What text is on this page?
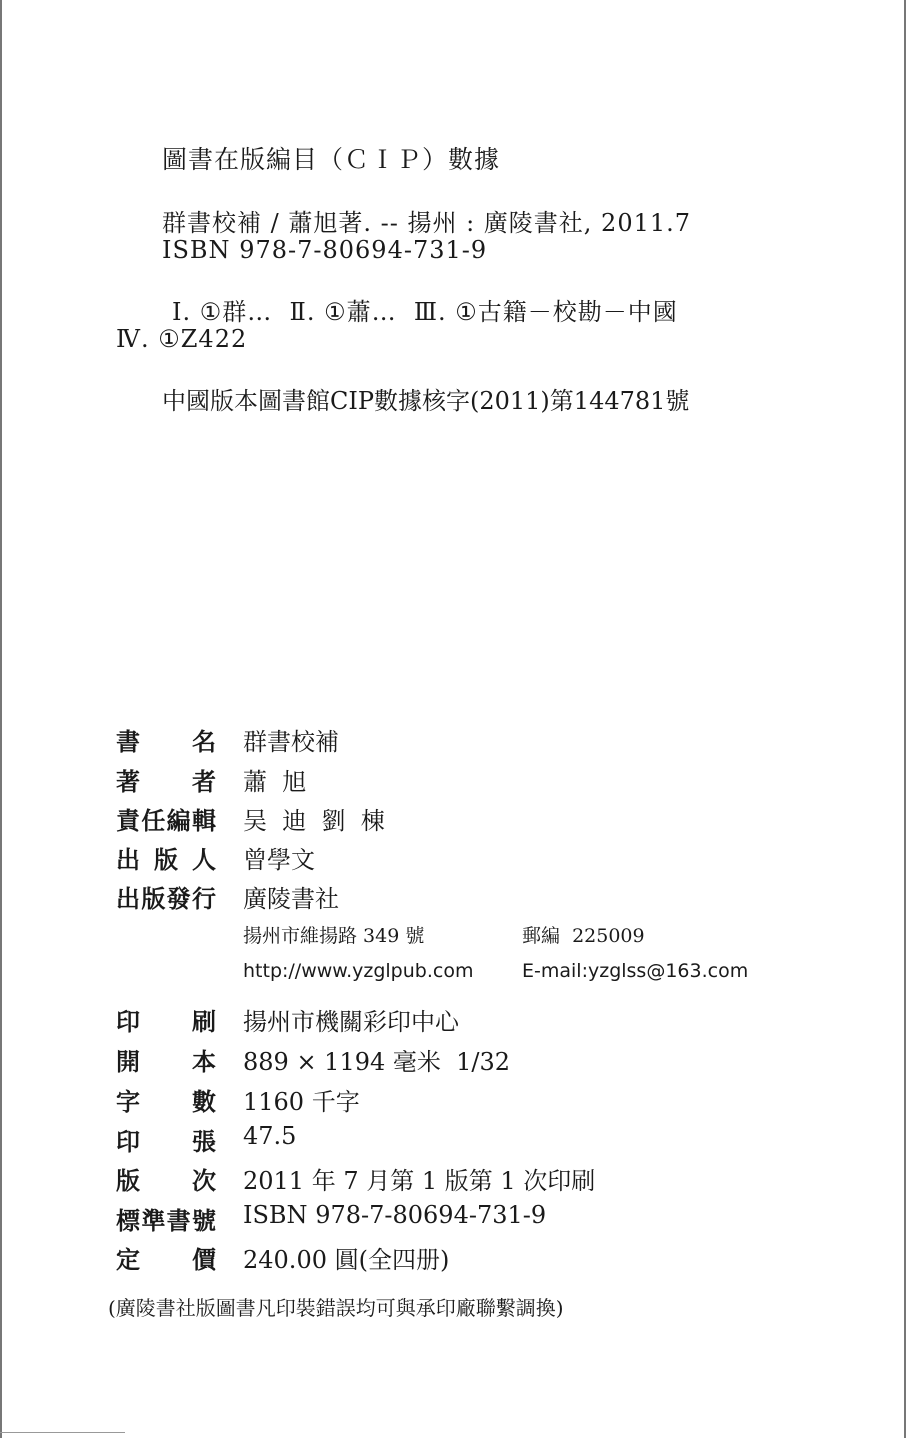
圖書在版編目（ＣＩＰ）數據
群書校補 / 蕭旭著. -- 揚州 : 廣陵書社, 2011.7
ISBN 978-7-80694-731-9
Ⅰ. ①群…  Ⅱ. ①蕭…  Ⅲ. ①古籍－校勘－中國
Ⅳ. ①Z422
中國版本圖書館CIP數據核字(2011)第144781號
書 名 群書校補
著 者 蕭  旭
責 任 編 輯 吴  迪  劉  棟
出 版 人 曾學文
出 版 發 行 廣陵書社
印 刷 揚州市機關彩印中心
開 本 889 × 1194 毫米  1/32
字 數 1160 千字
印 張 47.5
版 次 2011 年 7 月第 1 版第 1 次印刷
標 準 書 號 ISBN 978-7-80694-731-9
定 價 240.00 圓(全四册)
揚州市維揚路 349 號	郵編  225009
http://www.yzglpub.com	E-mail:yzglss@163.com
(廣陵書社版圖書凡印裝錯誤均可與承印廠聯繫調換)
